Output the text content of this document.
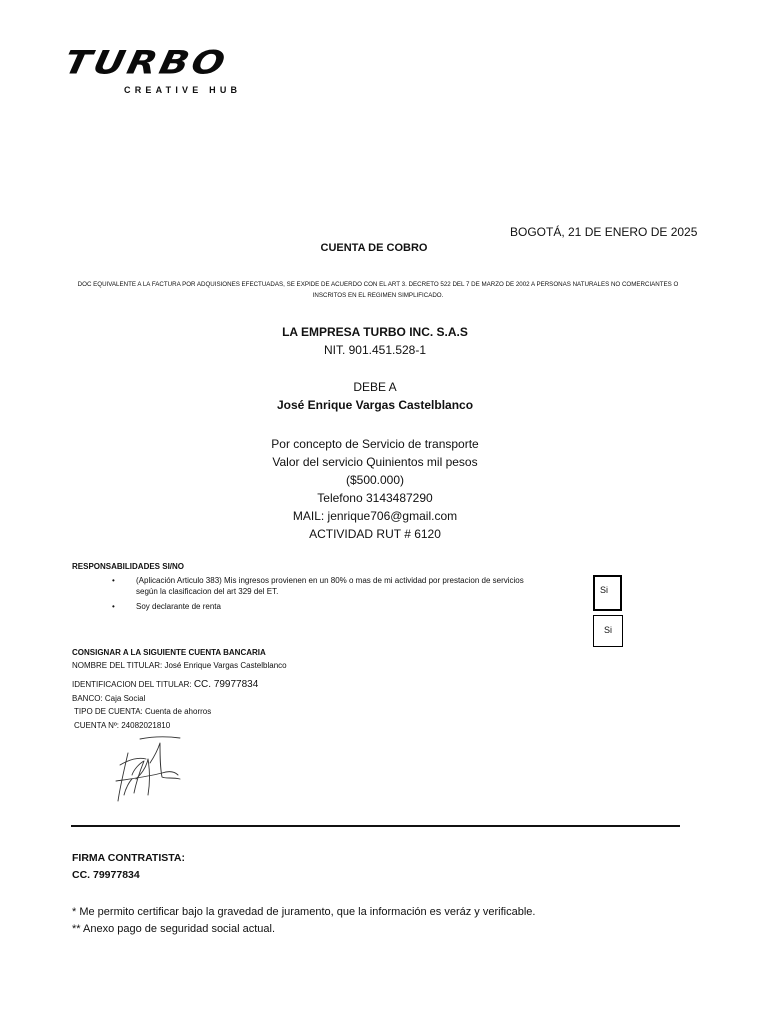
TURBO
CREATIVE HUB
BOGOTÁ, 21 DE ENERO DE 2025
CUENTA DE COBRO
DOC EQUIVALENTE A LA FACTURA POR ADQUISIONES EFECTUADAS, SE EXPIDE DE ACUERDO CON EL ART 3. DECRETO 522 DEL 7 DE MARZO DE 2002 A PERSONAS NATURALES NO COMERCIANTES O
INSCRITOS EN EL REGIMEN SIMPLIFICADO.
LA EMPRESA TURBO INC. S.A.S
NIT. 901.451.528-1
DEBE A
José Enrique Vargas Castelblanco
Por concepto de Servicio de transporte
Valor del servicio Quinientos mil pesos
($500.000)
Telefono 3143487290
MAIL: jenrique706@gmail.com
ACTIVIDAD RUT # 6120
RESPONSABILIDADES SI/NO
•	(Aplicación Articulo 383) Mis ingresos provienen en un 80% o mas de mi actividad por prestacion de servicios
según la clasificacion del art 329 del ET.
•	Soy declarante de renta
Si
Si
CONSIGNAR A LA SIGUIENTE CUENTA BANCARIA
NOMBRE DEL TITULAR: José Enrique Vargas Castelblanco
IDENTIFICACION DEL TITULAR: CC. 79977834
BANCO: Caja Social
TIPO DE CUENTA: Cuenta de ahorros
CUENTA Nº: 24082021810
FIRMA CONTRATISTA:
CC. 79977834
* Me permito certificar bajo la gravedad de juramento, que la información es veráz y verificable.
** Anexo pago de seguridad social actual.
